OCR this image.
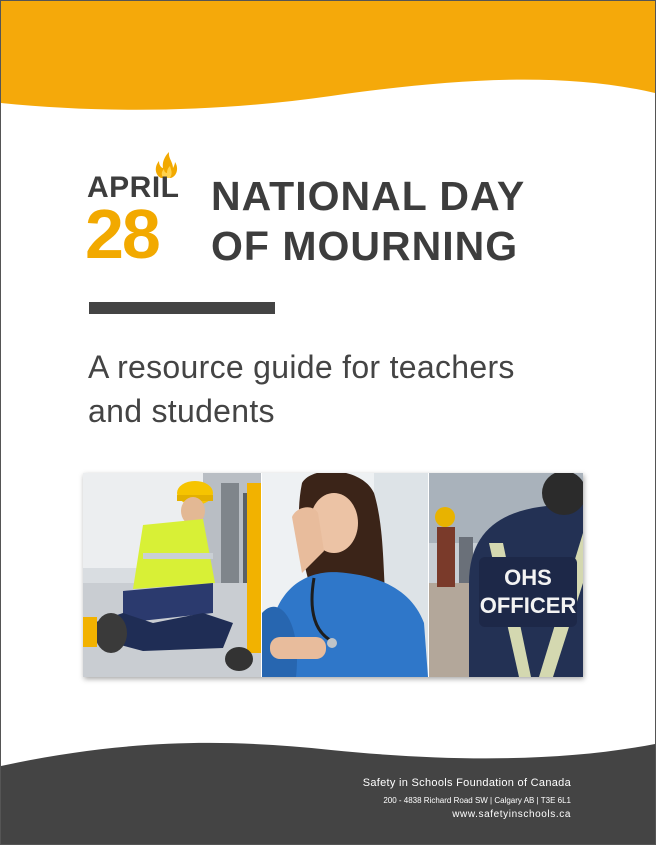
APRIL
28 NATIONAL DAY
OF MOURNING
A resource guide for teachers
and students
OHS
OFFICER
Safety in Schools Foundation of Canada
200 - 4838 Richard Road SW | Calgary AB | T3E 6L1
www.safetyinschools.ca
